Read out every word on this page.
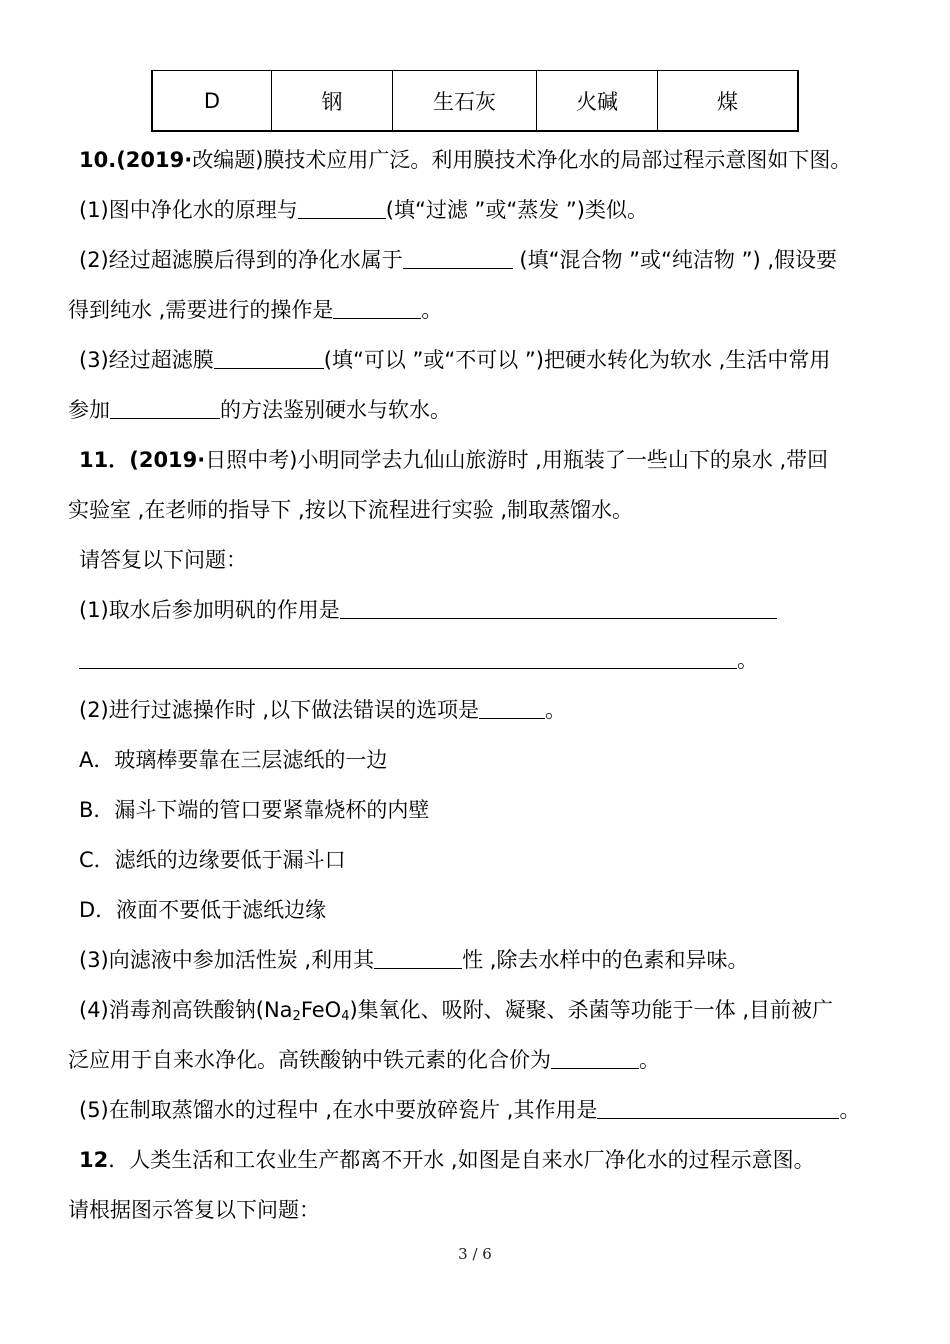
D	钢	生石灰	火碱	煤
10.(2019·改编题)膜技术应用广泛。利用膜技术净化水的局部过程示意图如下图。
(1)图中净化水的原理与	(填“过滤 ”或“蒸发 ”)类似。
(2)经过超滤膜后得到的净化水属于	(填“混合物 ”或“纯洁物 ”) ,假设要
得到纯水 ,需要进行的操作是	。
(3)经过超滤膜	(填“可以 ”或“不可以 ”)把硬水转化为软水 ,生活中常用
参加	的方法鉴别硬水与软水。
11．(2019·日照中考)小明同学去九仙山旅游时 ,用瓶装了一些山下的泉水 ,带回
实验室 ,在老师的指导下 ,按以下流程进行实验 ,制取蒸馏水。
请答复以下问题：
(1)取水后参加明矾的作用是
。
(2)进行过滤操作时 ,以下做法错误的选项是	。
A．玻璃棒要靠在三层滤纸的一边
B．漏斗下端的管口要紧靠烧杯的内壁
C．滤纸的边缘要低于漏斗口
D．液面不要低于滤纸边缘
(3)向滤液中参加活性炭 ,利用其	性 ,除去水样中的色素和异味。
(4)消毒剂高铁酸钠$(Na_2FeO_4)$集氧化、吸附、凝聚、杀菌等功能于一体 ,目前被广
泛应用于自来水净化。高铁酸钠中铁元素的化合价为	。
(5)在制取蒸馏水的过程中 ,在水中要放碎瓷片 ,其作用是	。
12．人类生活和工农业生产都离不开水 ,如图是自来水厂净化水的过程示意图。
请根据图示答复以下问题：
3 / 6
